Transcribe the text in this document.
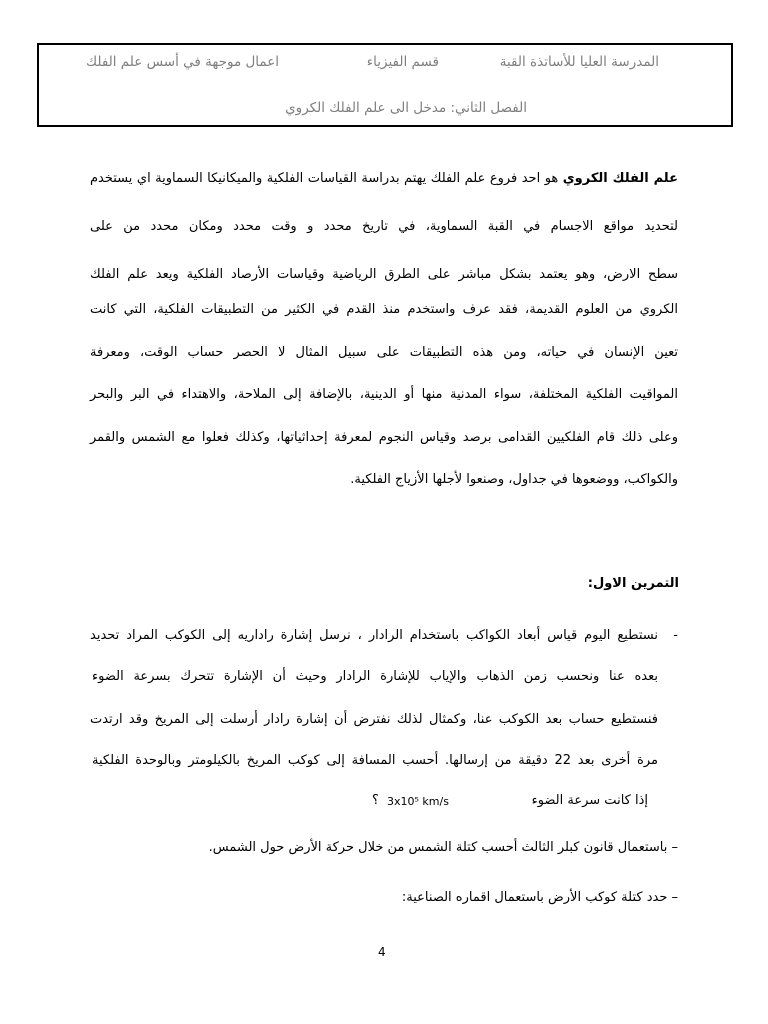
المدرسة العليا للأساتذة القبة
قسم الفيزياء
اعمال موجهة في أسس علم الفلك
الفصل الثاني: مدخل الى علم الفلك الكروي
علم الفلك الكروي هو احد فروع علم الفلك يهتم بدراسة القياسات الفلكية والميكانيكا السماوية اي يستخدم
لتحديد مواقع الاجسام في القبة السماوية، في تاريخ محدد و وقت محدد ومكان محدد من على
سطح الارض، وهو يعتمد بشكل مباشر على الطرق الرياضية وقياسات الأرصاد الفلكية ويعد علم الفلك
الكروي من العلوم القديمة، فقد عرف واستخدم منذ القدم في الكثير من التطبيقات الفلكية، التي كانت
تعين الإنسان في حياته، ومن هذه التطبيقات على سبيل المثال لا الحصر حساب الوقت، ومعرفة
المواقيت الفلكية المختلفة، سواء المدنية منها أو الدينية، بالإضافة إلى الملاحة، والاهتداء في البر والبحر
وعلى ذلك قام الفلكيين القدامى برصد وقياس النجوم لمعرفة إحداثياتها، وكذلك فعلوا مع الشمس والقمر
والكواكب، ووضعوها في جداول، وصنعوا لأجلها الأزياج الفلكية.
التمرين الاول:
-
نستطيع اليوم قياس أبعاد الكواكب باستخدام الرادار ، نرسل إشارة راداريه إلى الكوكب المراد تحديد
بعده عنا ونحسب زمن الذهاب والإياب للإشارة الرادار وحيث أن الإشارة تتحرك بسرعة الضوء
فنستطيع حساب بعد الكوكب عنا، وكمثال لذلك نفترض أن إشارة رادار أرسلت إلى المريخ وقد ارتدت
مرة أخرى بعد 22 دقيقة من إرسالها. أحسب المسافة إلى كوكب المريخ بالكيلومتر وبالوحدة الفلكية
إذا كانت سرعة الضوء
3x10⁵ km/s
؟
– باستعمال قانون كبلر الثالث أحسب كتلة الشمس من خلال حركة الأرض حول الشمس.
– حدد كتلة كوكب الأرض باستعمال اقماره الصناعية:
4
